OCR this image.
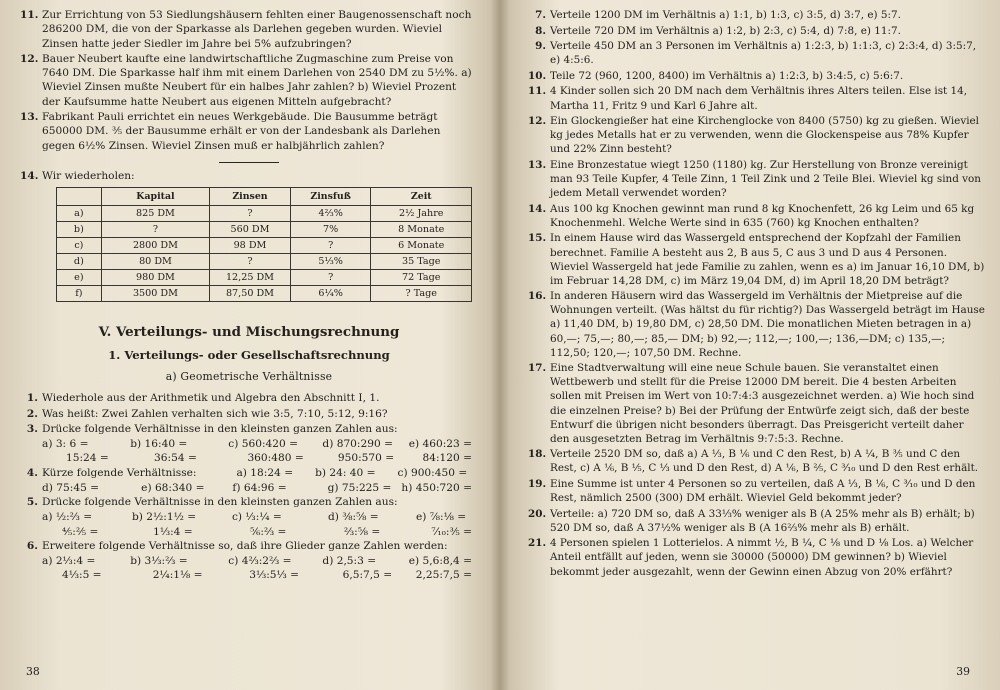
11 . Zur Errichtung von 53 Siedlungshäusern fehlten einer Baugenossenschaft noch 286200 DM, die von der Sparkasse als Darlehen gegeben wurden. Wieviel Zinsen hatte jeder Siedler im Jahre bei 5% aufzubringen?
12 . Bauer Neubert kaufte eine landwirtschaftliche Zugmaschine zum Preise von 7640 DM. Die Sparkasse half ihm mit einem Darlehen von 2540 DM zu 5½%. a) Wieviel Zinsen mußte Neubert für ein halbes Jahr zahlen? b) Wieviel Prozent der Kaufsumme hatte Neubert aus eigenen Mitteln aufgebracht?
13 . Fabrikant Pauli errichtet ein neues Werkgebäude. Die Bausumme beträgt 650000 DM. ⅗ der Bausumme erhält er von der Landesbank als Darlehen gegen 6½% Zinsen. Wieviel Zinsen muß er halbjährlich zahlen?
14 . Wir wiederholen:
	Kapital	Zinsen	Zinsfuß	Zeit
a)	825 DM	?	4⅔%	2½ Jahre
b)	?	560 DM	7%	8 Monate
c)	2800 DM	98 DM	?	6 Monate
d)	80 DM	?	5⅓%	35 Tage
e)	980 DM	12,25 DM	?	72 Tage
f)	3500 DM	87,50 DM	6¼%	? Tage
V. Verteilungs- und Mischungsrechnung
1. Verteilungs- oder Gesellschaftsrechnung
a) Geometrische Verhältnisse
1 . Wiederhole aus der Arithmetik und Algebra den Abschnitt I, 1.
2 . Was heißt: Zwei Zahlen verhalten sich wie 3:5, 7:10, 5:12, 9:16?
3 . Drücke folgende Verhältnisse in den kleinsten ganzen Zahlen aus:
a) 3: 6 =	b) 16:40 =	c) 560:420 =	d) 870:290 =	e) 460:23 =
15:24 =	36:54 =	360:480 =	950:570 =	84:120 =
4 . Kürze folgende Verhältnisse:	a) 18:24 = b) 24: 40 = c) 900:450 =
d) 75:45 =	e) 68:340 =	f) 64:96 =	g) 75:225 = h) 450:720 =
5 . Drücke folgende Verhältnisse in den kleinsten ganzen Zahlen aus:
a) ½:⅔ =	b) 2½:1½ =	c) ⅓:¼ =	d) ⅜:⅝ =	e) ⅞:⅛ =
⅘:⅖ =	1⅓:4 =	⅚:⅔ =	⅔:⅝ =	⁷⁄₁₀:⅗ =
6 . Erweitere folgende Verhältnisse so, daß ihre Glieder ganze Zahlen werden:
a) 2⅓:4 =	b) 3⅓:⅔ =	c) 4⅔:2⅔ =	d) 2,5:3 =	e) 5,6:8,4 =
4⅓:5 =	2¼:1⅛ =	3⅓:5⅓ =	6,5:7,5 =	2,25:7,5 =
38
7 . Verteile 1200 DM im Verhältnis a) 1:1, b) 1:3, c) 3:5, d) 3:7, e) 5:7.
8 . Verteile 720 DM im Verhältnis a) 1:2, b) 2:3, c) 5:4, d) 7:8, e) 11:7.
9 . Verteile 450 DM an 3 Personen im Verhältnis a) 1:2:3, b) 1:1:3, c) 2:3:4, d) 3:5:7, e) 4:5:6.
10 . Teile 72 (960, 1200, 8400) im Verhältnis a) 1:2:3, b) 3:4:5, c) 5:6:7.
11 . 4 Kinder sollen sich 20 DM nach dem Verhältnis ihres Alters teilen. Else ist 14, Martha 11, Fritz 9 und Karl 6 Jahre alt.
12 . Ein Glockengießer hat eine Kirchenglocke von 8400 (5750) kg zu gießen. Wieviel kg jedes Metalls hat er zu verwenden, wenn die Glockenspeise aus 78% Kupfer und 22% Zinn besteht?
13 . Eine Bronzestatue wiegt 1250 (1180) kg. Zur Herstellung von Bronze vereinigt man 93 Teile Kupfer, 4 Teile Zinn, 1 Teil Zink und 2 Teile Blei. Wieviel kg sind von jedem Metall verwendet worden?
14 . Aus 100 kg Knochen gewinnt man rund 8 kg Knochenfett, 26 kg Leim und 65 kg Knochenmehl. Welche Werte sind in 635 (760) kg Knochen enthalten?
15 . In einem Hause wird das Wassergeld entsprechend der Kopfzahl der Familien berechnet. Familie A besteht aus 2, B aus 5, C aus 3 und D aus 4 Personen. Wieviel Wassergeld hat jede Familie zu zahlen, wenn es a) im Januar 16,10 DM, b) im Februar 14,28 DM, c) im März 19,04 DM, d) im April 18,20 DM beträgt?
16 . In anderen Häusern wird das Wassergeld im Verhältnis der Mietpreise auf die Wohnungen verteilt. (Was hältst du für richtig?) Das Wassergeld beträgt im Hause a) 11,40 DM, b) 19,80 DM, c) 28,50 DM. Die monatlichen Mieten betragen in a) 60,—; 75,—; 80,—; 85,— DM; b) 92,—; 112,—; 100,—; 136,—DM; c) 135,—; 112,50; 120,—; 107,50 DM. Rechne.
17 . Eine Stadtverwaltung will eine neue Schule bauen. Sie veranstaltet einen Wettbewerb und stellt für die Preise 12000 DM bereit. Die 4 besten Arbeiten sollen mit Preisen im Wert von 10:7:4:3 ausgezeichnet werden. a) Wie hoch sind die einzelnen Preise? b) Bei der Prüfung der Entwürfe zeigt sich, daß der beste Entwurf die übrigen nicht besonders überragt. Das Preisgericht verteilt daher den ausgesetzten Betrag im Verhältnis 9:7:5:3. Rechne.
18 . Verteile 2520 DM so, daß a) A ⅓, B ⅙ und C den Rest, b) A ¼, B ⅗ und C den Rest, c) A ⅙, B ⅕, C ⅓ und D den Rest, d) A ⅙, B ⅖, C ³⁄₁₀ und D den Rest erhält.
19 . Eine Summe ist unter 4 Personen so zu verteilen, daß A ⅓, B ⅙, C ³⁄₁₀ und D den Rest, nämlich 2500 (300) DM erhält. Wieviel Geld bekommt jeder?
20 . Verteile: a) 720 DM so, daß A 33⅓% weniger als B (A 25% mehr als B) erhält; b) 520 DM so, daß A 37½% weniger als B (A 16⅔% mehr als B) erhält.
21 . 4 Personen spielen 1 Lotterielos. A nimmt ½, B ¼, C ⅛ und D ⅛ Los. a) Welcher Anteil entfällt auf jeden, wenn sie 30000 (50000) DM gewinnen? b) Wieviel bekommt jeder ausgezahlt, wenn der Gewinn einen Abzug von 20% erfährt?
39
